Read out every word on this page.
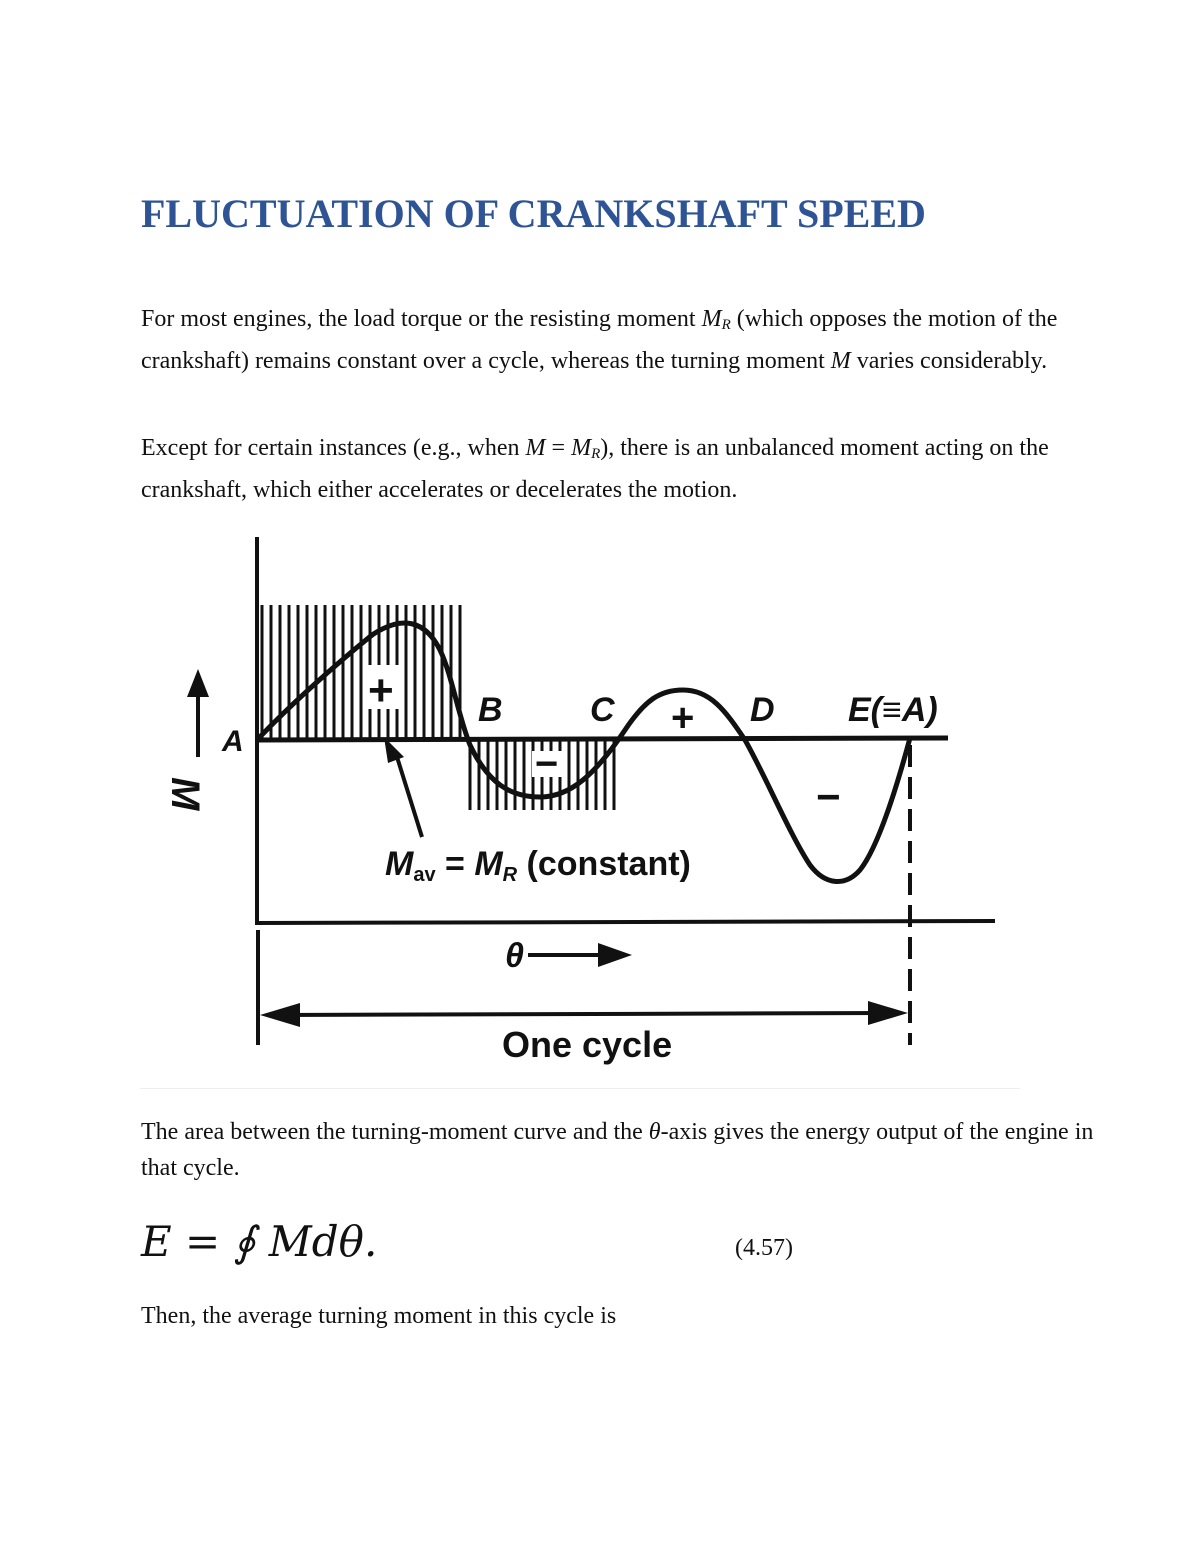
FLUCTUATION OF CRANKSHAFT SPEED

For most engines, the load torque or the resisting moment $M_R$ (which opposes the motion of the crankshaft) remains constant over a cycle, whereas the turning moment M varies considerably.

Except for certain instances (e.g., when $M = M_R$), there is an unbalanced moment acting on the crankshaft, which either accelerates or decelerates the motion.

M
A
B	C	D E(≡A)
+
+
−
−
Mav = MR (constant)
θ
One cycle

The area between the turning-moment curve and the θ-axis gives the energy output of the engine in that cycle.

E = ∮ Mdθ.	(4.57)

Then, the average turning moment in this cycle is
